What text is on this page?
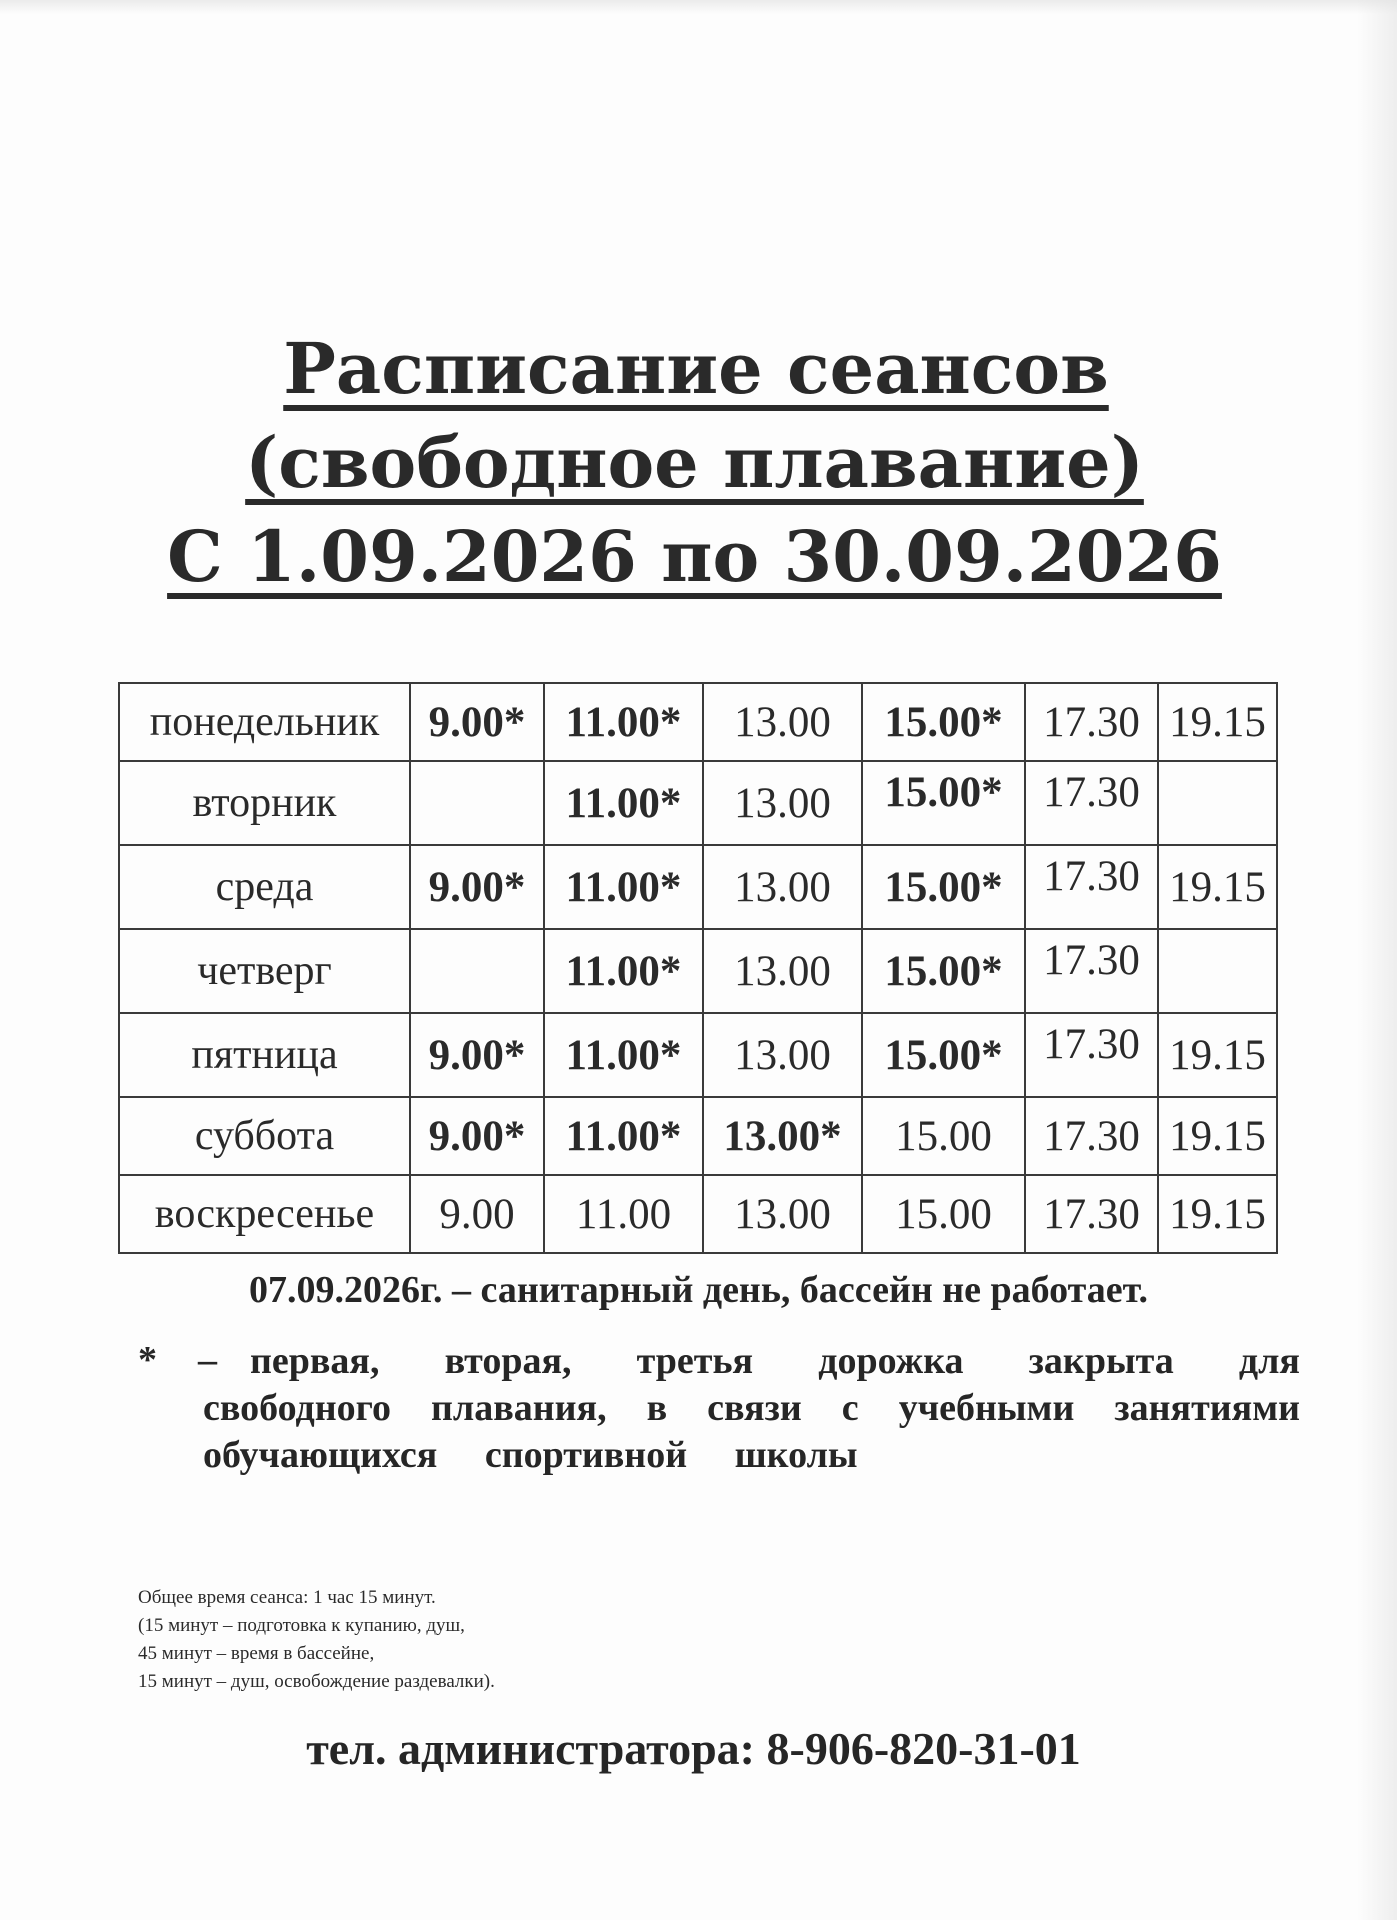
Расписание сеансов
(свободное плавание)
С 1.09.2026 по 30.09.2026
понедельник	9.00*	11.00*	13.00	15.00*	17.30	19.15
вторник		11.00*	13.00	15.00*	17.30	
среда	9.00*	11.00*	13.00	15.00*	17.30	19.15
четверг		11.00*	13.00	15.00*	17.30	
пятница	9.00*	11.00*	13.00	15.00*	17.30	19.15
суббота	9.00*	11.00*	13.00*	15.00	17.30	19.15
воскресенье	9.00	11.00	13.00	15.00	17.30	19.15
07.09.2026г. – санитарный день, бассейн не работает.
* – первая, вторая, третья дорожка закрыта для
свободного плавания, в связи с учебными занятиями
обучающихся спортивной школы
Общее время сеанса: 1 час 15 минут.
(15 минут – подготовка к купанию, душ,
45 минут – время в бассейне,
15 минут – душ, освобождение раздевалки).
тел. администратора: 8-906-820-31-01
